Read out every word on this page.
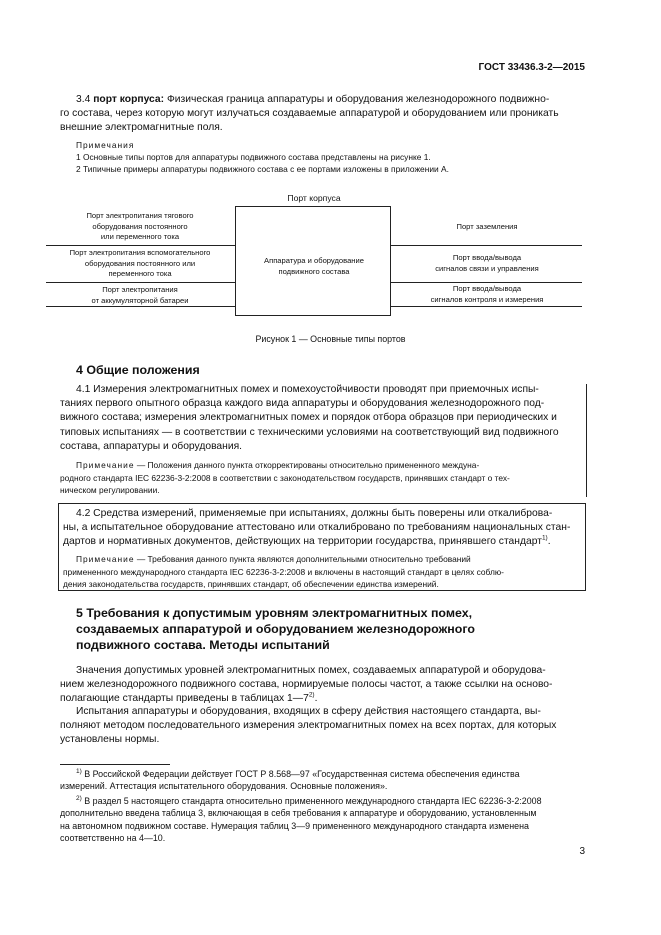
ГОСТ 33436.3-2—2015
3.4 порт корпуса: Физическая граница аппаратуры и оборудования железнодорожного подвижно-
го состава, через которую могут излучаться создаваемые аппаратурой и оборудованием или проникать
внешние электромагнитные поля.
Примечания
1 Основные типы портов для аппаратуры подвижного состава представлены на рисунке 1.
2 Типичные примеры аппаратуры подвижного состава с ее портами изложены в приложении А.
Порт корпуса
Аппаратура и оборудование
подвижного состава
Порт электропитания тягового
оборудования постоянного
или переменного тока
Порт электропитания вспомогательного
оборудования постоянного или
переменного тока
Порт электропитания
от аккумуляторной батареи
Порт заземления
Порт ввода/вывода
сигналов связи и управления
Порт ввода/вывода
сигналов контроля и измерения
Рисунок 1 — Основные типы портов
4 Общие положения
4.1 Измерения электромагнитных помех и помехоустойчивости проводят при приемочных испы-
таниях первого опытного образца каждого вида аппаратуры и оборудования железнодорожного под-
вижного состава; измерения электромагнитных помех и порядок отбора образцов при периодических и
типовых испытаниях — в соответствии с техническими условиями на соответствующий вид подвижного
состава, аппаратуры и оборудования.
Примечание — Положения данного пункта откорректированы относительно примененного междуна-
родного стандарта IEC 62236-3-2:2008 в соответствии с законодательством государств, принявших стандарт о тех-
ническом регулировании.
4.2 Средства измерений, применяемые при испытаниях, должны быть поверены или откалиброва-
ны, а испытательное оборудование аттестовано или откалибровано по требованиям национальных стан-
дартов и нормативных документов, действующих на территории государства, принявшего стандарт$^{1)}$.
Примечание — Требования данного пункта являются дополнительными относительно требований
примененного международного стандарта IEC 62236-3-2:2008 и включены в настоящий стандарт в целях соблю-
дения законодательства государств, принявших стандарт, об обеспечении единства измерений.
5 Требования к допустимым уровням электромагнитных помех,
создаваемых аппаратурой и оборудованием железнодорожного
подвижного состава. Методы испытаний
Значения допустимых уровней электромагнитных помех, создаваемых аппаратурой и оборудова-
нием железнодорожного подвижного состава, нормируемые полосы частот, а также ссылки на осново-
полагающие стандарты приведены в таблицах 1—7$^{2)}$.
Испытания аппаратуры и оборудования, входящих в сферу действия настоящего стандарта, вы-
полняют методом последовательного измерения электромагнитных помех на всех портах, для которых
установлены нормы.
$^{1)}$ В Российской Федерации действует ГОСТ Р 8.568—97 «Государственная система обеспечения единства
измерений. Аттестация испытательного оборудования. Основные положения».
$^{2)}$ В раздел 5 настоящего стандарта относительно примененного международного стандарта IEC 62236-3-2:2008
дополнительно введена таблица 3, включающая в себя требования к аппаратуре и оборудованию, установленным
на автономном подвижном составе. Нумерация таблиц 3—9 примененного международного стандарта изменена
соответственно на 4—10.
3
